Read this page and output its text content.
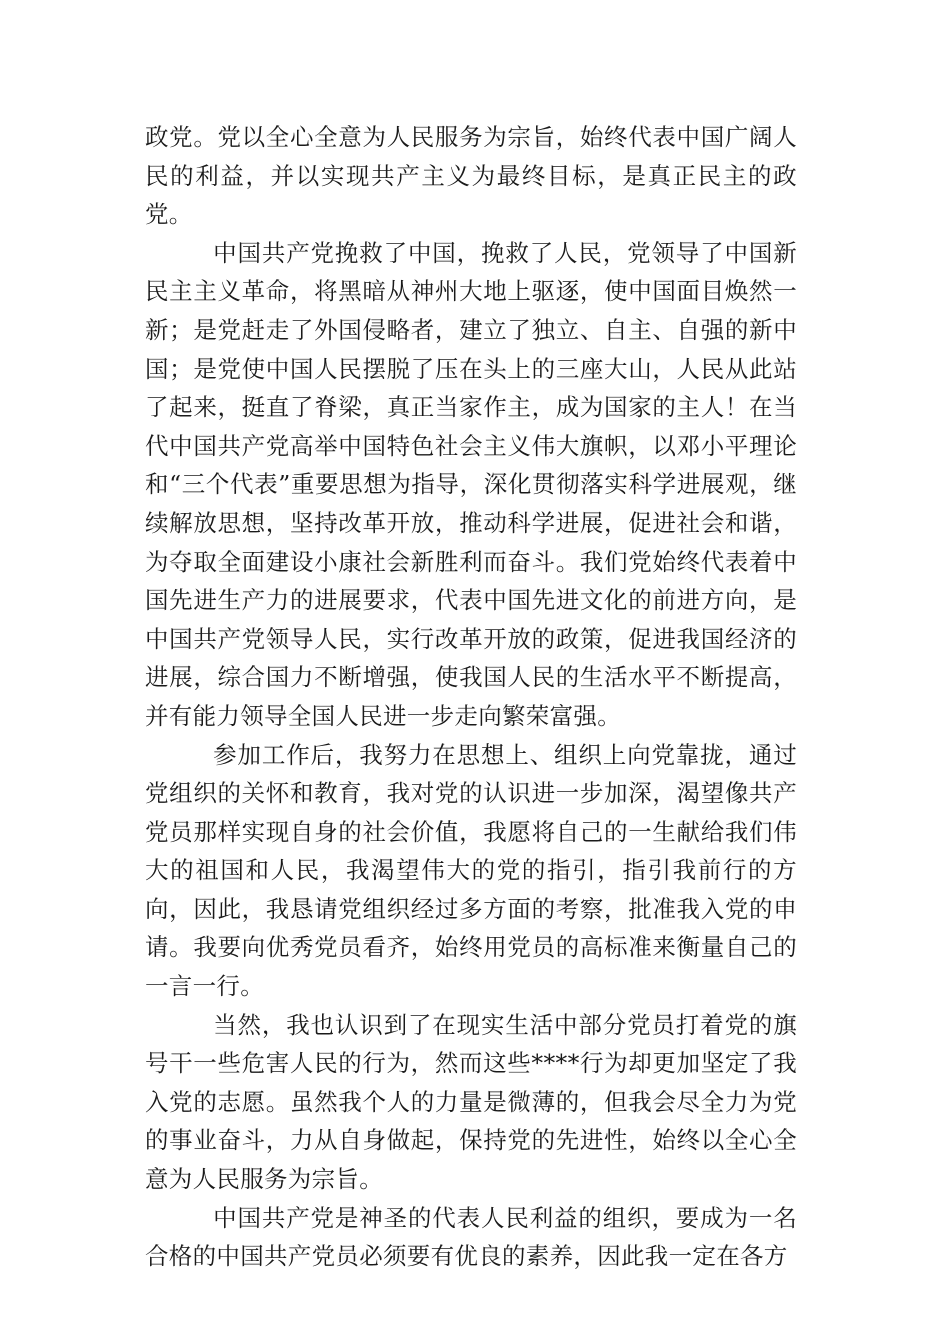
政党。党以全心全意为人民服务为宗旨，始终代表中国广阔人民的利益，并以实现共产主义为最终目标，是真正民主的政党。

中国共产党挽救了中国，挽救了人民，党领导了中国新民主主义革命，将黑暗从神州大地上驱逐，使中国面目焕然一新；是党赶走了外国侵略者，建立了独立、自主、自强的新中国；是党使中国人民摆脱了压在头上的三座大山，人民从此站了起来，挺直了脊梁，真正当家作主，成为国家的主人！在当代中国共产党高举中国特色社会主义伟大旗帜，以邓小平理论和“三个代表”重要思想为指导，深化贯彻落实科学进展观，继续解放思想，坚持改革开放，推动科学进展，促进社会和谐，为夺取全面建设小康社会新胜利而奋斗。我们党始终代表着中国先进生产力的进展要求，代表中国先进文化的前进方向，是中国共产党领导人民，实行改革开放的政策，促进我国经济的进展，综合国力不断增强，使我国人民的生活水平不断提高，并有能力领导全国人民进一步走向繁荣富强。

参加工作后，我努力在思想上、组织上向党靠拢，通过党组织的关怀和教育，我对党的认识进一步加深，渴望像共产党员那样实现自身的社会价值，我愿将自己的一生献给我们伟大的祖国和人民，我渴望伟大的党的指引，指引我前行的方向，因此，我恳请党组织经过多方面的考察，批准我入党的申请。我要向优秀党员看齐，始终用党员的高标准来衡量自己的一言一行。

当然，我也认识到了在现实生活中部分党员打着党的旗号干一些危害人民的行为，然而这些****行为却更加坚定了我入党的志愿。虽然我个人的力量是微薄的，但我会尽全力为党的事业奋斗，力从自身做起，保持党的先进性，始终以全心全意为人民服务为宗旨。

中国共产党是神圣的代表人民利益的组织，要成为一名合格的中国共产党员必须要有优良的素养，因此我一定在各方
